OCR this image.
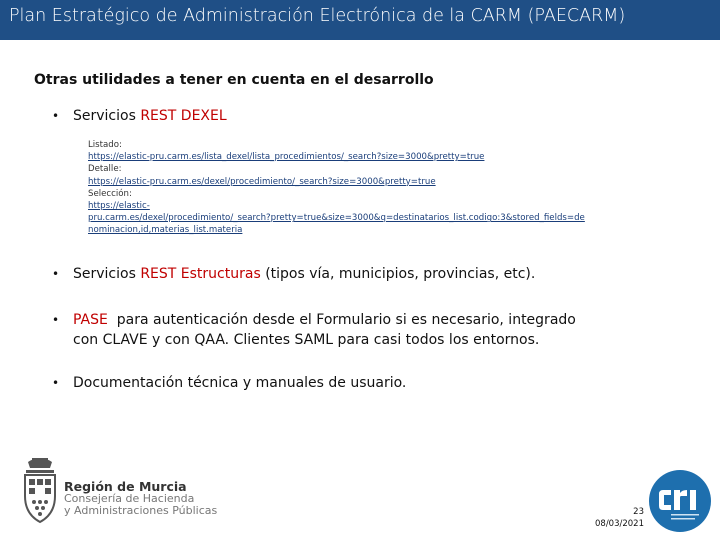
Plan Estratégico de Administración Electrónica de la CARM (PAECARM)
Otras utilidades a tener en cuenta en el desarrollo
• Servicios REST DEXEL
Listado:
https://elastic-pru.carm.es/lista_dexel/lista_procedimientos/_search?size=3000&pretty=true
Detalle:
https://elastic-pru.carm.es/dexel/procedimiento/_search?size=3000&pretty=true
Selección:
https://elastic-
pru.carm.es/dexel/procedimiento/_search?pretty=true&size=3000&q=destinatarios_list.codigo:3&stored_fields=de
nominacion,id,materias_list.materia
• Servicios REST Estructuras (tipos vía, municipios, provincias, etc).
• PASE  para autenticación desde el Formulario si es necesario, integrado
con CLAVE y con QAA. Clientes SAML para casi todos los entornos.
• Documentación técnica y manuales de usuario.
Región de Murcia
Consejería de Hacienda
y Administraciones Públicas	23
08/03/2021
